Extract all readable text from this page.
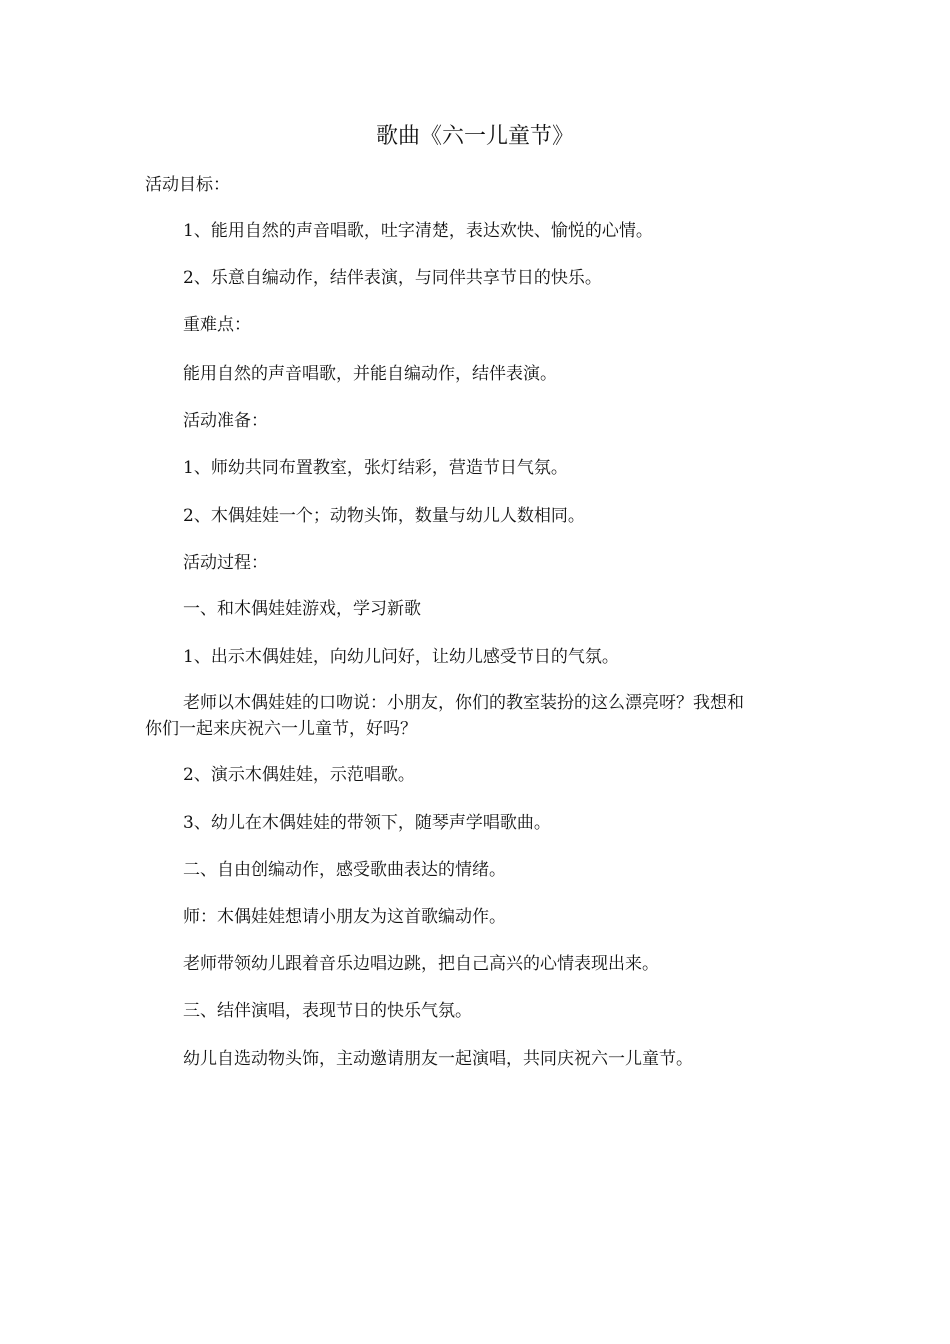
歌曲《六一儿童节》
活动目标：
1、能用自然的声音唱歌，吐字清楚，表达欢快、愉悦的心情。
2、乐意自编动作，结伴表演，与同伴共享节日的快乐。
重难点：
能用自然的声音唱歌，并能自编动作，结伴表演。
活动准备：
1、师幼共同布置教室，张灯结彩，营造节日气氛。
2、木偶娃娃一个；动物头饰，数量与幼儿人数相同。
活动过程：
一、和木偶娃娃游戏，学习新歌
1、出示木偶娃娃，向幼儿问好，让幼儿感受节日的气氛。
老师以木偶娃娃的口吻说：小朋友，你们的教室装扮的这么漂亮呀？我想和
你们一起来庆祝六一儿童节，好吗？
2、演示木偶娃娃，示范唱歌。
3、幼儿在木偶娃娃的带领下，随琴声学唱歌曲。
二、自由创编动作，感受歌曲表达的情绪。
师：木偶娃娃想请小朋友为这首歌编动作。
老师带领幼儿跟着音乐边唱边跳，把自己高兴的心情表现出来。
三、结伴演唱，表现节日的快乐气氛。
幼儿自选动物头饰，主动邀请朋友一起演唱，共同庆祝六一儿童节。
